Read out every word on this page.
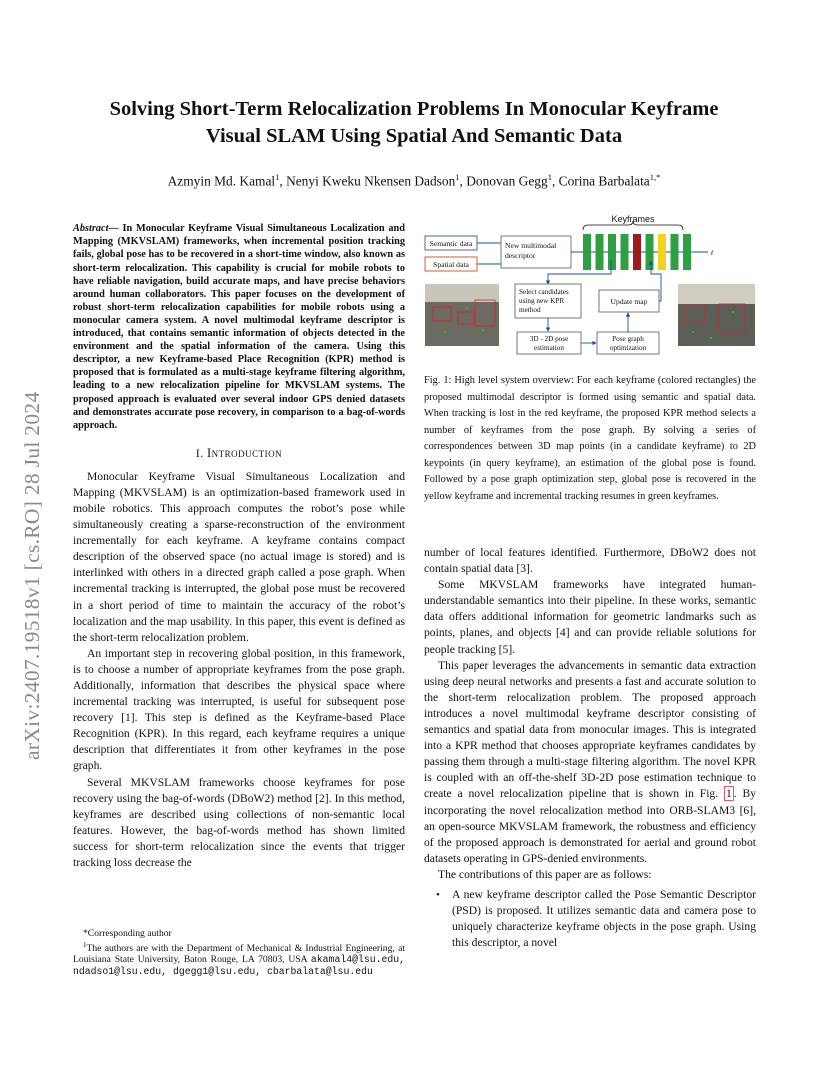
arXiv:2407.19518v1 [cs.RO] 28 Jul 2024
Solving Short-Term Relocalization Problems In Monocular Keyframe
Visual SLAM Using Spatial And Semantic Data
Azmyin Md. Kamal$^1$, Nenyi Kweku Nkensen Dadson$^1$, Donovan Gegg$^1$, Corina Barbalata$^{1,*}$

Abstract— In Monocular Keyframe Visual Simultaneous Localization and Mapping (MKVSLAM) frameworks, when incremental position tracking fails, global pose has to be recovered in a short-time window, also known as short-term relocalization. This capability is crucial for mobile robots to have reliable navigation, build accurate maps, and have precise behaviors around human collaborators. This paper focuses on the development of robust short-term relocalization capabilities for mobile robots using a monocular camera system. A novel multimodal keyframe descriptor is introduced, that contains semantic information of objects detected in the environment and the spatial information of the camera. Using this descriptor, a new Keyframe-based Place Recognition (KPR) method is proposed that is formulated as a multi-stage keyframe filtering algorithm, leading to a new relocalization pipeline for MKVSLAM systems. The proposed approach is evaluated over several indoor GPS denied datasets and demonstrates accurate pose recovery, in comparison to a bag-of-words approach.

I. Introduction

Monocular Keyframe Visual Simultaneous Localization and Mapping (MKVSLAM) is an optimization-based framework used in mobile robotics. This approach computes the robot’s pose while simultaneously creating a sparse-reconstruction of the environment incrementally for each keyframe. A keyframe contains compact description of the observed space (no actual image is stored) and is interlinked with others in a directed graph called a pose graph. When incremental tracking is interrupted, the global pose must be recovered in a short period of time to maintain the accuracy of the robot’s localization and the map usability. In this paper, this event is defined as the short-term relocalization problem.

An important step in recovering global position, in this framework, is to choose a number of appropriate keyframes from the pose graph. Additionally, information that describes the physical space where incremental tracking was interrupted, is useful for subsequent pose recovery [1]. This step is defined as the Keyframe-based Place Recognition (KPR). In this regard, each keyframe requires a unique description that differentiates it from other keyframes in the pose graph.

Several MKVSLAM frameworks choose keyframes for pose recovery using the bag-of-words (DBoW2) method [2]. In this method, keyframes are described using collections of non-semantic local features. However, the bag-of-words method has shown limited success for short-term relocalization since the events that trigger tracking loss decrease the

*Corresponding author

$^1$The authors are with the Department of Mechanical & Industrial Engineering, at Louisiana State University, Baton Rouge, LA 70803, USA akamal4@lsu.edu, ndadso1@lsu.edu, dgegg1@lsu.edu, cbarbalata@lsu.edu

Keyframes
Semantic data
Spatial data
New multimodal descriptor	t
Select candidates using new KPR method
Update map
3D - 2D pose estimation
Pose graph optimization

Fig. 1: High level system overview: For each keyframe (colored rectangles) the proposed multimodal descriptor is formed using semantic and spatial data. When tracking is lost in the red keyframe, the proposed KPR method selects a number of keyframes from the pose graph. By solving a series of correspondences between 3D map points (in a candidate keyframe) to 2D keypoints (in query keyframe), an estimation of the global pose is found. Followed by a pose graph optimization step, global pose is recovered in the yellow keyframe and incremental tracking resumes in green keyframes.

number of local features identified. Furthermore, DBoW2 does not contain spatial data [3].

Some MKVSLAM frameworks have integrated human-understandable semantics into their pipeline. In these works, semantic data offers additional information for geometric landmarks such as points, planes, and objects [4] and can provide reliable solutions for people tracking [5].

This paper leverages the advancements in semantic data extraction using deep neural networks and presents a fast and accurate solution to the short-term relocalization problem. The proposed approach introduces a novel multimodal keyframe descriptor consisting of semantics and spatial data from monocular images. This is integrated into a KPR method that chooses appropriate keyframes candidates by passing them through a multi-stage filtering algorithm. The novel KPR is coupled with an off-the-shelf 3D-2D pose estimation technique to create a novel relocalization pipeline that is shown in Fig. 1 . By incorporating the novel relocalization method into ORB-SLAM3 [6], an open-source MKVSLAM framework, the robustness and efficiency of the proposed approach is demonstrated for aerial and ground robot datasets operating in GPS-denied environments.

The contributions of this paper are as follows:

• A new keyframe descriptor called the Pose Semantic Descriptor (PSD) is proposed. It utilizes semantic data and camera pose to uniquely characterize keyframe objects in the pose graph. Using this descriptor, a novel
